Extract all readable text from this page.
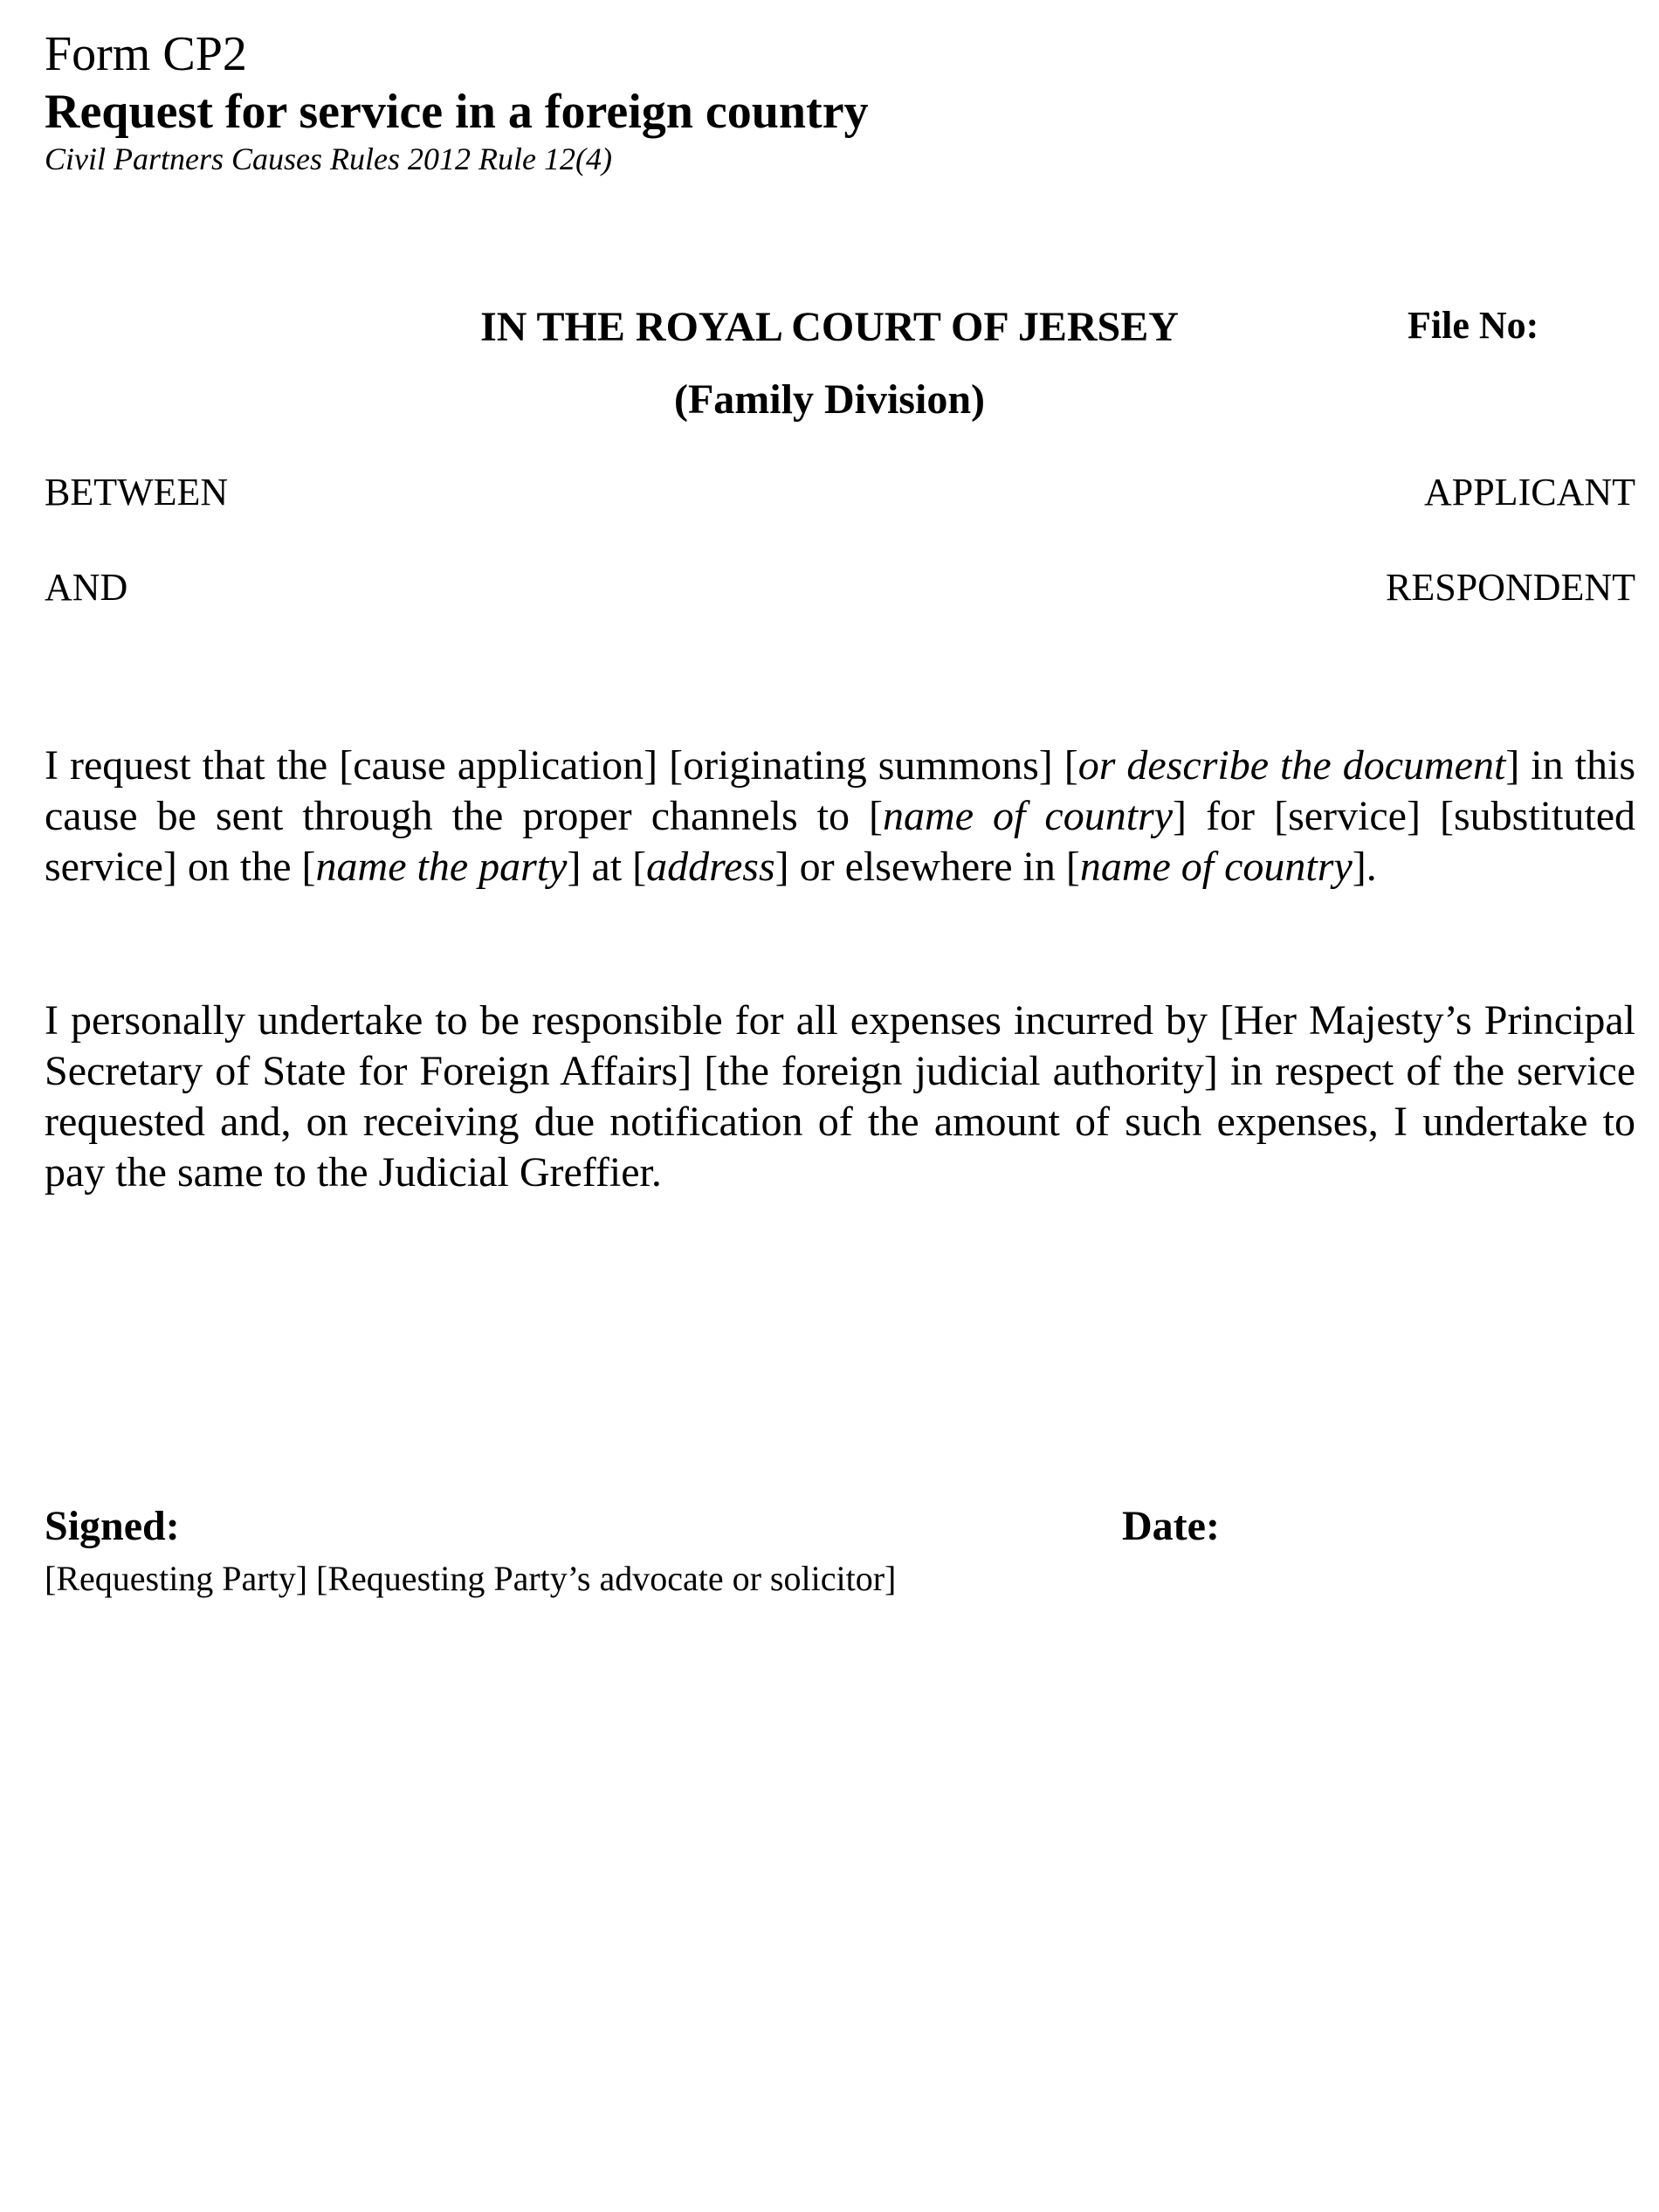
Form CP2
Request for service in a foreign country
Civil Partners Causes Rules 2012 Rule 12(4)
IN THE ROYAL COURT OF JERSEY	File No:
(Family Division)
BETWEEN	APPLICANT
AND	RESPONDENT

I request that the [cause application] [originating summons] [or describe the document] in this cause be sent through the proper channels to [name of country] for [service] [substituted service] on the [name the party] at [address] or elsewhere in [name of country].

I personally undertake to be responsible for all expenses incurred by [Her Majesty’s Principal Secretary of State for Foreign Affairs] [the foreign judicial authority] in respect of the service requested and, on receiving due notification of the amount of such expenses, I undertake to pay the same to the Judicial Greffier.

Signed:	Date:
[Requesting Party] [Requesting Party’s advocate or solicitor]
